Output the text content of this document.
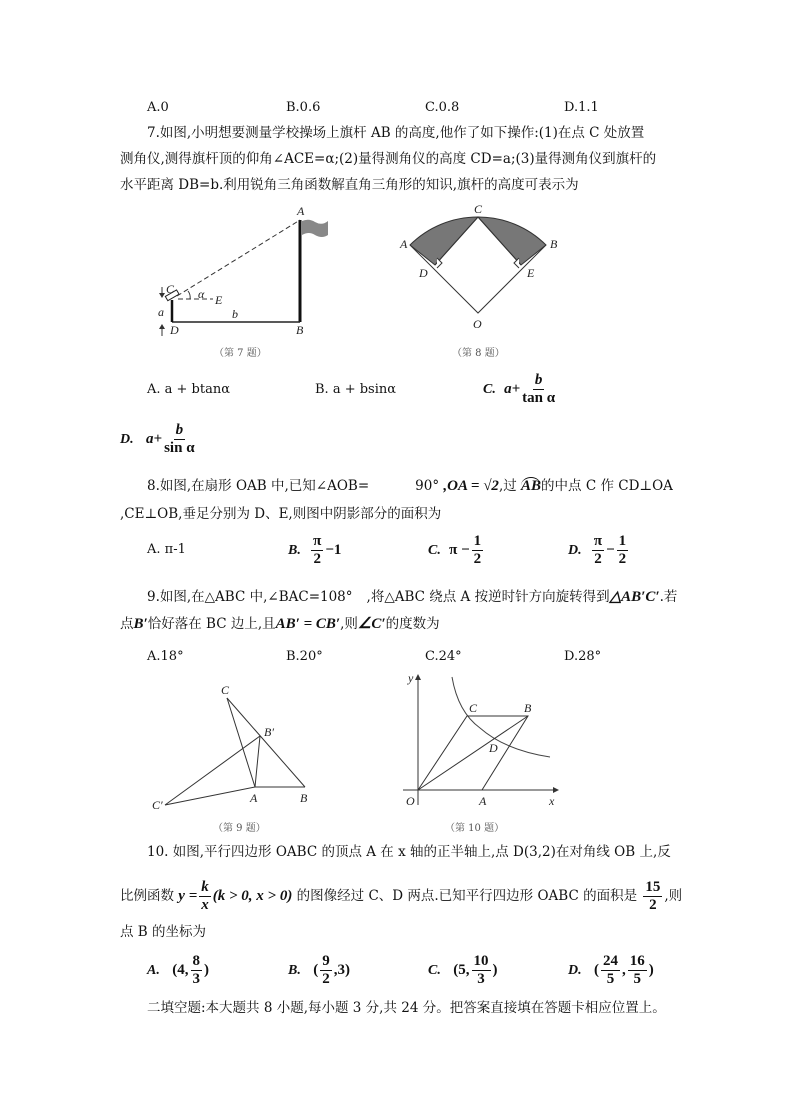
A.0	B.0.6	C.0.8	D.1.1
7.如图,小明想要测量学校操场上旗杆 AB 的高度,他作了如下操作:(1)在点 C 处放置
测角仪,测得旗杆顶的仰角∠ACE=α;(2)量得测角仪的高度 CD=a;(3)量得测角仪到旗杆的
水平距离 DB=b.利用锐角三角函数解直角三角形的知识,旗杆的高度可表示为
A
C α E
b
a
D	B
（第 7 题）
C
A	B
D	E
O
（第 8 题）
C
B′
A	B
C′
（第 9 题）
y
x
O	A
C	B
D
（第 10 题）
A. a + btanα	B. a + bsinα	C. $a+ \frac{b}{\text{tan α}}$
D. $a+ \frac{b}{\text{sin α}}$
8.如图,在扇形 OAB 中,已知∠AOB=	90° ,OA = √2,过 AB的中点 C 作 CD⊥OA
,CE⊥OB,垂足分别为 D、E,则图中阴影部分的面积为
A. π-1	B. $\frac{\pi}{2} -1$	C. $\pi - \frac{1}{2}$	D. $\frac{\pi}{2} - \frac{1}{2}$
9.如图,在△ABC 中,∠BAC=108° ,将△ABC 绕点 A 按逆时针方向旋转得到△AB′C′.若
点B′恰好落在 BC 边上,且AB′ = CB′,则∠C′的度数为
A.18°	B.20°	C.24°	D.28°
10. 如图,平行四边形 OABC 的顶点 A 在 x 轴的正半轴上,点 D(3,2)在对角线 OB 上,反
比例函数 $y = \frac{k}{x} (k > 0$, x > 0) 的图像经过 C、D 两点.已知平行四边形 OABC 的面积是 $\frac{15}{2}$ ,则
点 B 的坐标为
A. (4, $\frac{8}{3}$ )	B. ( $\frac{9}{2} ,3$)	C. (5, $\frac{10}{3}$ )	D. ( $\frac{24}{5}$ , $\frac{16}{5}$ )
二填空题:本大题共 8 小题,每小题 3 分,共 24 分。把答案直接填在答题卡相应位置上。
